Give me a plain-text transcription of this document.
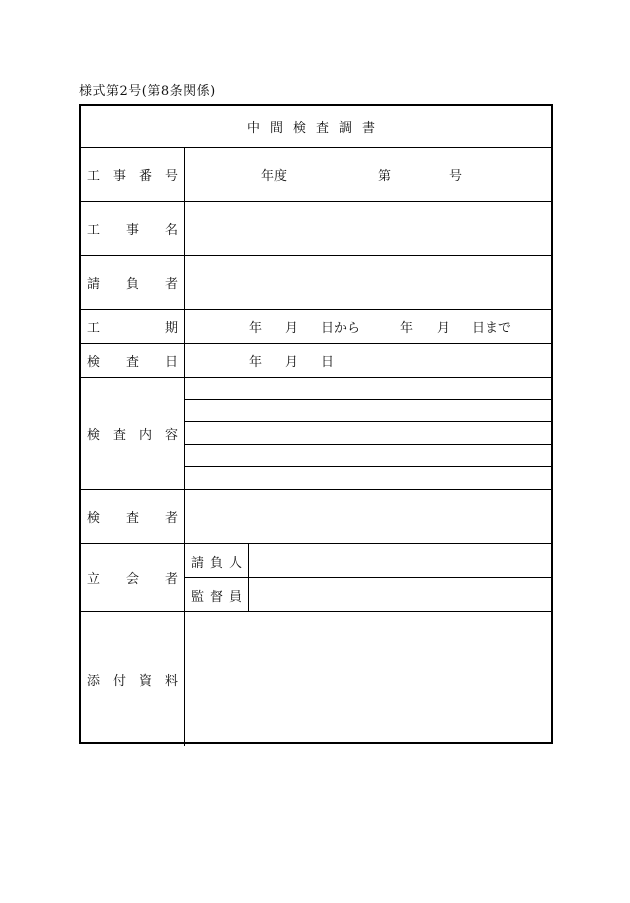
様式第2号(第8条関係)
中 間 検 査 調 書
工 事 番 号	年度	第	号
工 事 名
請 負 者
工	期	年 月 日から	年 月 日まで
検 査 日	年 月 日
検 査 内 容
検 査 者
立 会 者
請 負 人
監 督 員
添 付 資 料
